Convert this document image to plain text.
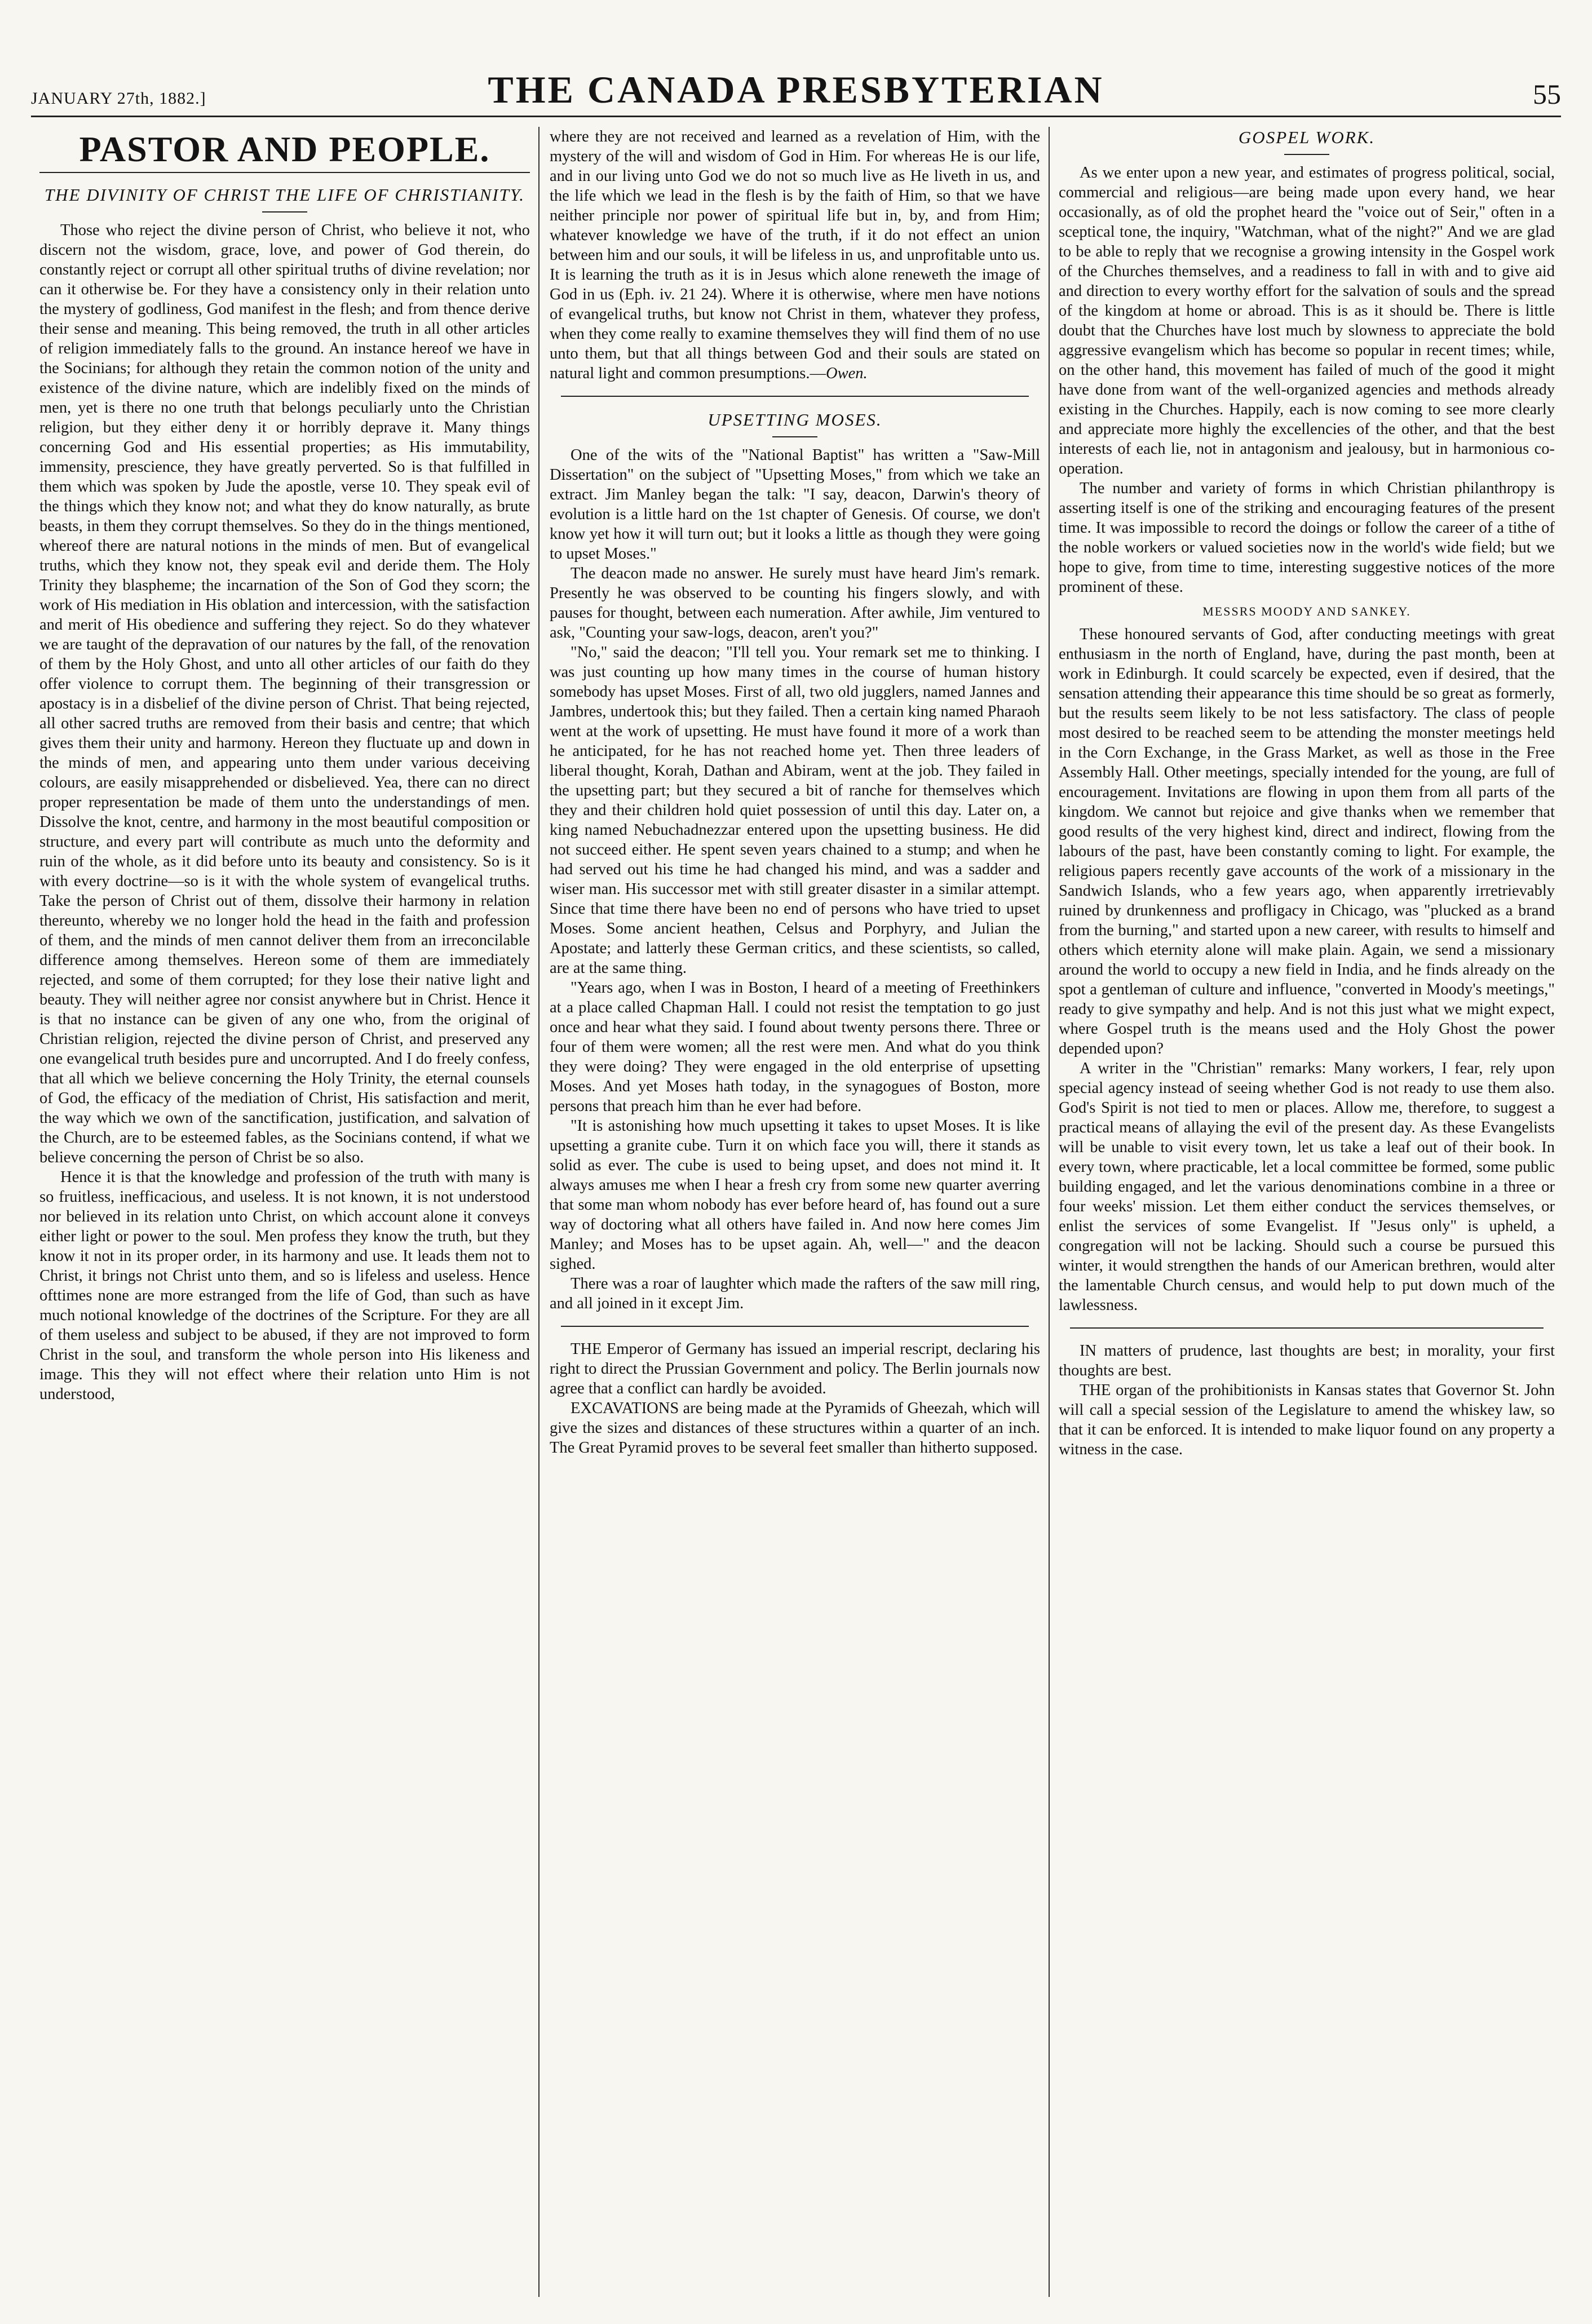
JANUARY 27th, 1882.]	THE CANADA PRESBYTERIAN	55
PASTOR AND PEOPLE.
THE DIVINITY OF CHRIST THE LIFE OF CHRISTIANITY.

Those who reject the divine person of Christ, who believe it not, who discern not the wisdom, grace, love, and power of God therein, do constantly reject or corrupt all other spiritual truths of divine revelation; nor can it otherwise be. For they have a consistency only in their relation unto the mystery of godliness, God manifest in the flesh; and from thence derive their sense and meaning. This being removed, the truth in all other articles of religion immediately falls to the ground. An instance hereof we have in the Socinians; for although they retain the common notion of the unity and existence of the divine nature, which are indelibly fixed on the minds of men, yet is there no one truth that belongs peculiarly unto the Christian religion, but they either deny it or horribly deprave it. Many things concerning God and His essential properties; as His immutability, immensity, prescience, they have greatly perverted. So is that fulfilled in them which was spoken by Jude the apostle, verse 10. They speak evil of the things which they know not; and what they do know naturally, as brute beasts, in them they corrupt themselves. So they do in the things mentioned, whereof there are natural notions in the minds of men. But of evangelical truths, which they know not, they speak evil and deride them. The Holy Trinity they blaspheme; the incarnation of the Son of God they scorn; the work of His mediation in His oblation and intercession, with the satisfaction and merit of His obedience and suffering they reject. So do they whatever we are taught of the depravation of our natures by the fall, of the renovation of them by the Holy Ghost, and unto all other articles of our faith do they offer violence to corrupt them. The beginning of their transgression or apostacy is in a disbelief of the divine person of Christ. That being rejected, all other sacred truths are removed from their basis and centre; that which gives them their unity and harmony. Hereon they fluctuate up and down in the minds of men, and appearing unto them under various deceiving colours, are easily misapprehended or disbelieved. Yea, there can no direct proper representation be made of them unto the understandings of men. Dissolve the knot, centre, and harmony in the most beautiful composition or structure, and every part will contribute as much unto the deformity and ruin of the whole, as it did before unto its beauty and consistency. So is it with every doctrine—so is it with the whole system of evangelical truths. Take the person of Christ out of them, dissolve their harmony in relation thereunto, whereby we no longer hold the head in the faith and profession of them, and the minds of men cannot deliver them from an irreconcilable difference among themselves. Hereon some of them are immediately rejected, and some of them corrupted; for they lose their native light and beauty. They will neither agree nor consist anywhere but in Christ. Hence it is that no instance can be given of any one who, from the original of Christian religion, rejected the divine person of Christ, and preserved any one evangelical truth besides pure and uncorrupted. And I do freely confess, that all which we believe concerning the Holy Trinity, the eternal counsels of God, the efficacy of the mediation of Christ, His satisfaction and merit, the way which we own of the sanctification, justification, and salvation of the Church, are to be esteemed fables, as the Socinians contend, if what we believe concerning the person of Christ be so also.

Hence it is that the knowledge and profession of the truth with many is so fruitless, inefficacious, and useless. It is not known, it is not understood nor believed in its relation unto Christ, on which account alone it conveys either light or power to the soul. Men profess they know the truth, but they know it not in its proper order, in its harmony and use. It leads them not to Christ, it brings not Christ unto them, and so is lifeless and useless. Hence ofttimes none are more estranged from the life of God, than such as have much notional knowledge of the doctrines of the Scripture. For they are all of them useless and subject to be abused, if they are not improved to form Christ in the soul, and transform the whole person into His likeness and image. This they will not effect where their relation unto Him is not understood,

where they are not received and learned as a revelation of Him, with the mystery of the will and wisdom of God in Him. For whereas He is our life, and in our living unto God we do not so much live as He liveth in us, and the life which we lead in the flesh is by the faith of Him, so that we have neither principle nor power of spiritual life but in, by, and from Him; whatever knowledge we have of the truth, if it do not effect an union between him and our souls, it will be lifeless in us, and unprofitable unto us. It is learning the truth as it is in Jesus which alone reneweth the image of God in us (Eph. iv. 21 24). Where it is otherwise, where men have notions of evangelical truths, but know not Christ in them, whatever they profess, when they come really to examine themselves they will find them of no use unto them, but that all things between God and their souls are stated on natural light and common presumptions.—Owen.

UPSETTING MOSES.

One of the wits of the "National Baptist" has written a "Saw-Mill Dissertation" on the subject of "Upsetting Moses," from which we take an extract. Jim Manley began the talk: "I say, deacon, Darwin's theory of evolution is a little hard on the 1st chapter of Genesis. Of course, we don't know yet how it will turn out; but it looks a little as though they were going to upset Moses."

The deacon made no answer. He surely must have heard Jim's remark. Presently he was observed to be counting his fingers slowly, and with pauses for thought, between each numeration. After awhile, Jim ventured to ask, "Counting your saw-logs, deacon, aren't you?"

"No," said the deacon; "I'll tell you. Your remark set me to thinking. I was just counting up how many times in the course of human history somebody has upset Moses. First of all, two old jugglers, named Jannes and Jambres, undertook this; but they failed. Then a certain king named Pharaoh went at the work of upsetting. He must have found it more of a work than he anticipated, for he has not reached home yet. Then three leaders of liberal thought, Korah, Dathan and Abiram, went at the job. They failed in the upsetting part; but they secured a bit of ranche for themselves which they and their children hold quiet possession of until this day. Later on, a king named Nebuchadnezzar entered upon the upsetting business. He did not succeed either. He spent seven years chained to a stump; and when he had served out his time he had changed his mind, and was a sadder and wiser man. His successor met with still greater disaster in a similar attempt. Since that time there have been no end of persons who have tried to upset Moses. Some ancient heathen, Celsus and Porphyry, and Julian the Apostate; and latterly these German critics, and these scientists, so called, are at the same thing.

"Years ago, when I was in Boston, I heard of a meeting of Freethinkers at a place called Chapman Hall. I could not resist the temptation to go just once and hear what they said. I found about twenty persons there. Three or four of them were women; all the rest were men. And what do you think they were doing? They were engaged in the old enterprise of upsetting Moses. And yet Moses hath today, in the synagogues of Boston, more persons that preach him than he ever had before.

"It is astonishing how much upsetting it takes to upset Moses. It is like upsetting a granite cube. Turn it on which face you will, there it stands as solid as ever. The cube is used to being upset, and does not mind it. It always amuses me when I hear a fresh cry from some new quarter averring that some man whom nobody has ever before heard of, has found out a sure way of doctoring what all others have failed in. And now here comes Jim Manley; and Moses has to be upset again. Ah, well—" and the deacon sighed.

There was a roar of laughter which made the rafters of the saw mill ring, and all joined in it except Jim.

THE Emperor of Germany has issued an imperial rescript, declaring his right to direct the Prussian Government and policy. The Berlin journals now agree that a conflict can hardly be avoided.

EXCAVATIONS are being made at the Pyramids of Gheezah, which will give the sizes and distances of these structures within a quarter of an inch. The Great Pyramid proves to be several feet smaller than hitherto supposed.

GOSPEL WORK.

As we enter upon a new year, and estimates of progress political, social, commercial and religious—are being made upon every hand, we hear occasionally, as of old the prophet heard the "voice out of Seir," often in a sceptical tone, the inquiry, "Watchman, what of the night?" And we are glad to be able to reply that we recognise a growing intensity in the Gospel work of the Churches themselves, and a readiness to fall in with and to give aid and direction to every worthy effort for the salvation of souls and the spread of the kingdom at home or abroad. This is as it should be. There is little doubt that the Churches have lost much by slowness to appreciate the bold aggressive evangelism which has become so popular in recent times; while, on the other hand, this movement has failed of much of the good it might have done from want of the well-organized agencies and methods already existing in the Churches. Happily, each is now coming to see more clearly and appreciate more highly the excellencies of the other, and that the best interests of each lie, not in antagonism and jealousy, but in harmonious co-operation.

The number and variety of forms in which Christian philanthropy is asserting itself is one of the striking and encouraging features of the present time. It was impossible to record the doings or follow the career of a tithe of the noble workers or valued societies now in the world's wide field; but we hope to give, from time to time, interesting suggestive notices of the more prominent of these.

MESSRS MOODY AND SANKEY.

These honoured servants of God, after conducting meetings with great enthusiasm in the north of England, have, during the past month, been at work in Edinburgh. It could scarcely be expected, even if desired, that the sensation attending their appearance this time should be so great as formerly, but the results seem likely to be not less satisfactory. The class of people most desired to be reached seem to be attending the monster meetings held in the Corn Exchange, in the Grass Market, as well as those in the Free Assembly Hall. Other meetings, specially intended for the young, are full of encouragement. Invitations are flowing in upon them from all parts of the kingdom. We cannot but rejoice and give thanks when we remember that good results of the very highest kind, direct and indirect, flowing from the labours of the past, have been constantly coming to light. For example, the religious papers recently gave accounts of the work of a missionary in the Sandwich Islands, who a few years ago, when apparently irretrievably ruined by drunkenness and profligacy in Chicago, was "plucked as a brand from the burning," and started upon a new career, with results to himself and others which eternity alone will make plain. Again, we send a missionary around the world to occupy a new field in India, and he finds already on the spot a gentleman of culture and influence, "converted in Moody's meetings," ready to give sympathy and help. And is not this just what we might expect, where Gospel truth is the means used and the Holy Ghost the power depended upon?

A writer in the "Christian" remarks: Many workers, I fear, rely upon special agency instead of seeing whether God is not ready to use them also. God's Spirit is not tied to men or places. Allow me, therefore, to suggest a practical means of allaying the evil of the present day. As these Evangelists will be unable to visit every town, let us take a leaf out of their book. In every town, where practicable, let a local committee be formed, some public building engaged, and let the various denominations combine in a three or four weeks' mission. Let them either conduct the services themselves, or enlist the services of some Evangelist. If "Jesus only" is upheld, a congregation will not be lacking. Should such a course be pursued this winter, it would strengthen the hands of our American brethren, would alter the lamentable Church census, and would help to put down much of the lawlessness.

IN matters of prudence, last thoughts are best; in morality, your first thoughts are best.

THE organ of the prohibitionists in Kansas states that Governor St. John will call a special session of the Legislature to amend the whiskey law, so that it can be enforced. It is intended to make liquor found on any property a witness in the case.
